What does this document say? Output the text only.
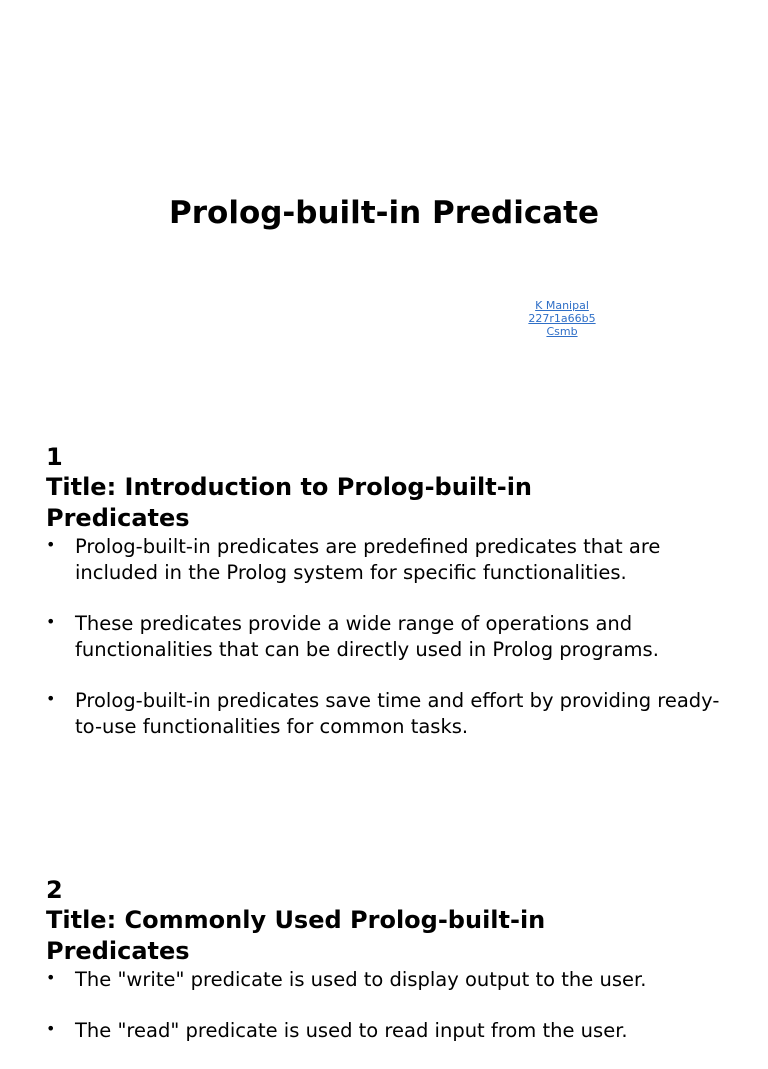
Prolog-built-in Predicate
K Manipal
227r1a66b5
Csmb

1

Title: Introduction to Prolog-built-in Predicates

• Prolog-built-in predicates are predefined predicates that are included in the Prolog system for specific functionalities.
• These predicates provide a wide range of operations and functionalities that can be directly used in Prolog programs.
• Prolog-built-in predicates save time and effort by providing ready-to-use functionalities for common tasks.

2

Title: Commonly Used Prolog-built-in Predicates

• The "write" predicate is used to display output to the user.
• The "read" predicate is used to read input from the user.
